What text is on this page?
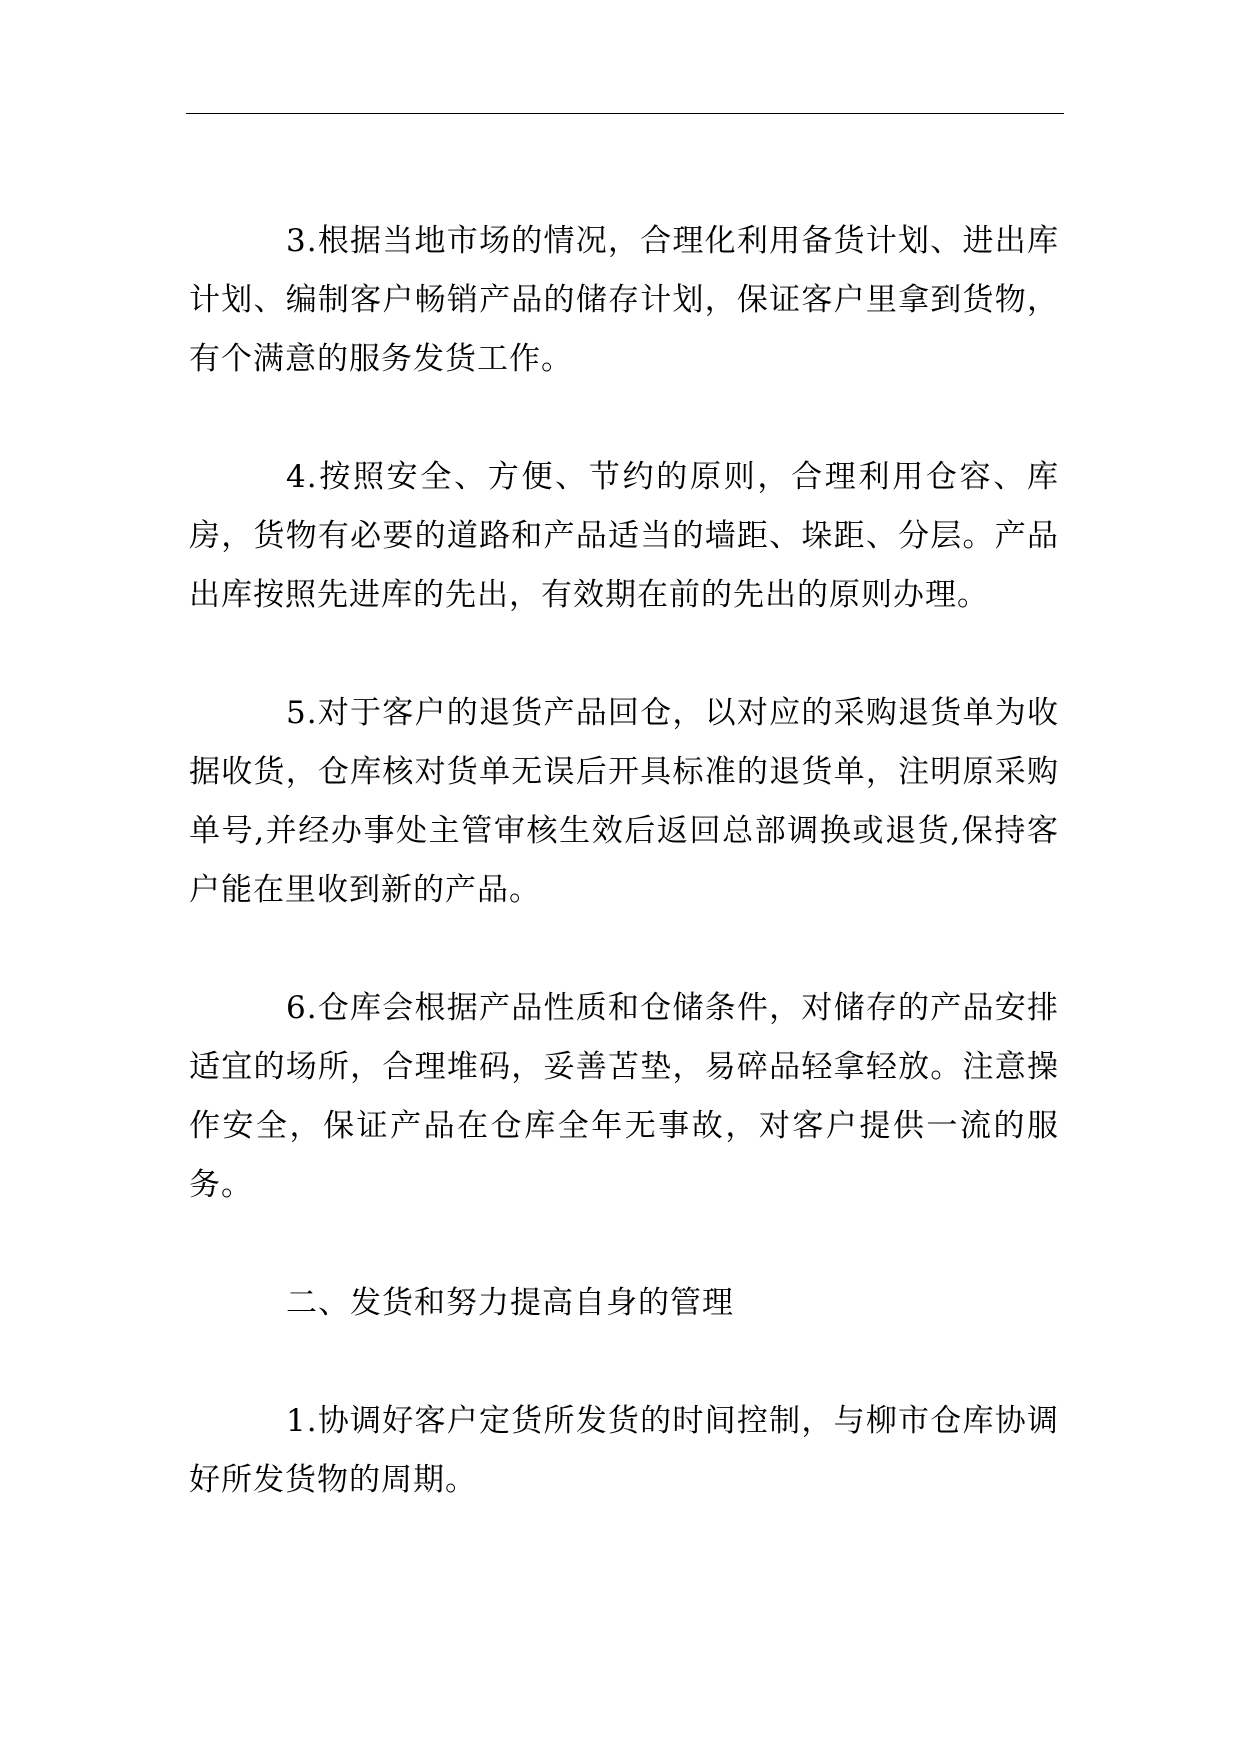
3.根据当地市场的情况，合理化利用备货计划、进出库计划、编制客户畅销产品的储存计划，保证客户里拿到货物，有个满意的服务发货工作。

4.按照安全、方便、节约的原则，合理利用仓容、库房，货物有必要的道路和产品适当的墙距、垛距、分层。产品出库按照先进库的先出，有效期在前的先出的原则办理。

5.对于客户的退货产品回仓，以对应的采购退货单为收据收货，仓库核对货单无误后开具标准的退货单，注明原采购单号,并经办事处主管审核生效后返回总部调换或退货,保持客户能在里收到新的产品。

6.仓库会根据产品性质和仓储条件，对储存的产品安排适宜的场所，合理堆码，妥善苫垫，易碎品轻拿轻放。注意操作安全，保证产品在仓库全年无事故，对客户提供一流的服务。

二、发货和努力提高自身的管理

1.协调好客户定货所发货的时间控制，与柳市仓库协调好所发货物的周期。
